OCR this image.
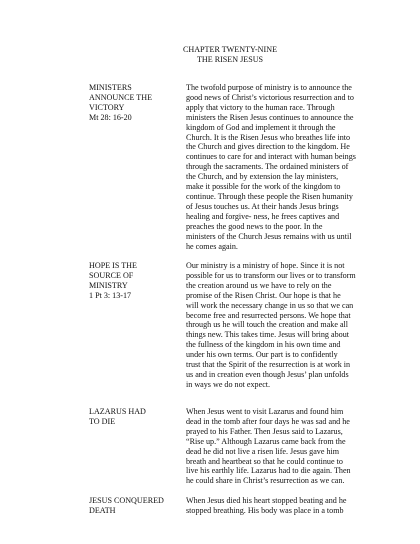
CHAPTER TWENTY-NINE
THE RISEN JESUS
MINISTERS
ANNOUNCE THE
VICTORY
Mt 28: 16-20
The twofold purpose of ministry is to announce the
good news of Christ’s victorious resurrection and to
apply that victory to the human race. Through
ministers the Risen Jesus continues to announce the
kingdom of God and implement it through the
Church. It is the Risen Jesus who breathes life into
the Church and gives direction to the kingdom. He
continues to care for and interact with human beings
through the sacraments. The ordained ministers of
the Church, and by extension the lay ministers,
make it possible for the work of the kingdom to
continue. Through these people the Risen humanity
of Jesus touches us. At their hands Jesus brings
healing and forgive- ness, he frees captives and
preaches the good news to the poor. In the
ministers of the Church Jesus remains with us until
he comes again.
HOPE IS THE
SOURCE OF
MINISTRY
1 Pt 3: 13-17
Our ministry is a ministry of hope. Since it is not
possible for us to transform our lives or to transform
the creation around us we have to rely on the
promise of the Risen Christ. Our hope is that he
will work the necessary change in us so that we can
become free and resurrected persons. We hope that
through us he will touch the creation and make all
things new. This takes time. Jesus will bring about
the fullness of the kingdom in his own time and
under his own terms. Our part is to confidently
trust that the Spirit of the resurrection is at work in
us and in creation even though Jesus’ plan unfolds
in ways we do not expect.
LAZARUS HAD
TO DIE
When Jesus went to visit Lazarus and found him
dead in the tomb after four days he was sad and he
prayed to his Father. Then Jesus said to Lazarus,
“Rise up.” Although Lazarus came back from the
dead he did not live a risen life. Jesus gave him
breath and heartbeat so that he could continue to
live his earthly life. Lazarus had to die again. Then
he could share in Christ’s resurrection as we can.
JESUS CONQUERED
DEATH
When Jesus died his heart stopped beating and he
stopped breathing. His body was place in a tomb
